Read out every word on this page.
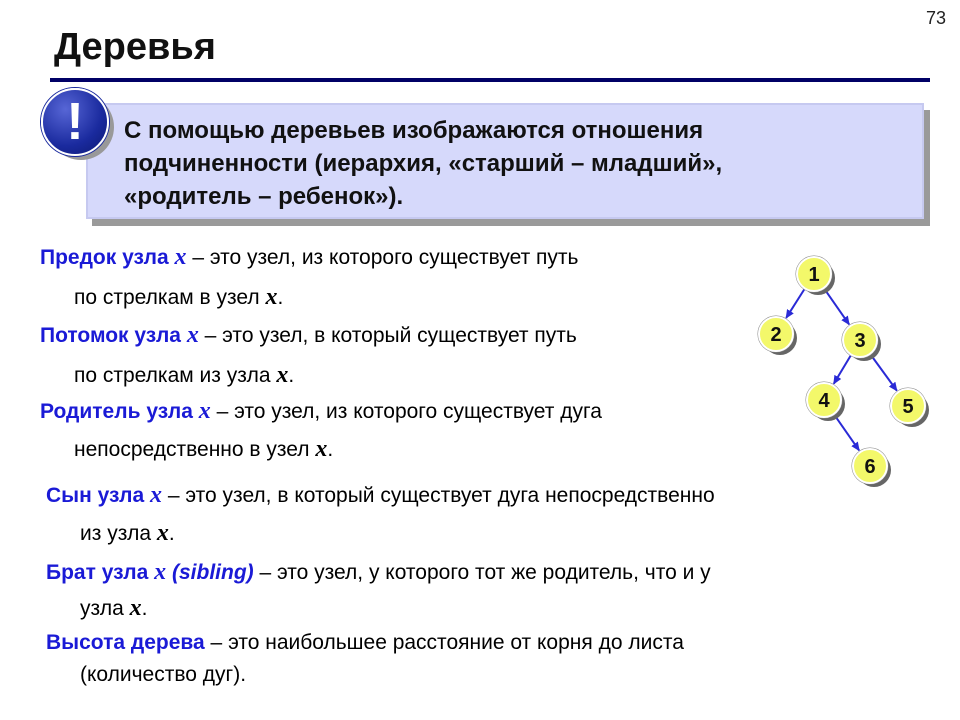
73
Деревья
С помощью деревьев изображаются отношения
подчиненности (иерархия, «старший – младший»,
«родитель – ребенок»).
!
Предок узла x – это узел, из которого существует путь
по стрелкам в узел x.
Потомок узла x – это узел, в который существует путь
по стрелкам из узла x.
Родитель узла x – это узел, из которого существует дуга
непосредственно в узел x.
Сын узла x – это узел, в который существует дуга непосредственно
из узла x.
Брат узла x (sibling) – это узел, у которого тот же родитель, что и у
узла x.
Высота дерева – это наибольшее расстояние от корня до листа
(количество дуг).
1
2	3
4	5
6
